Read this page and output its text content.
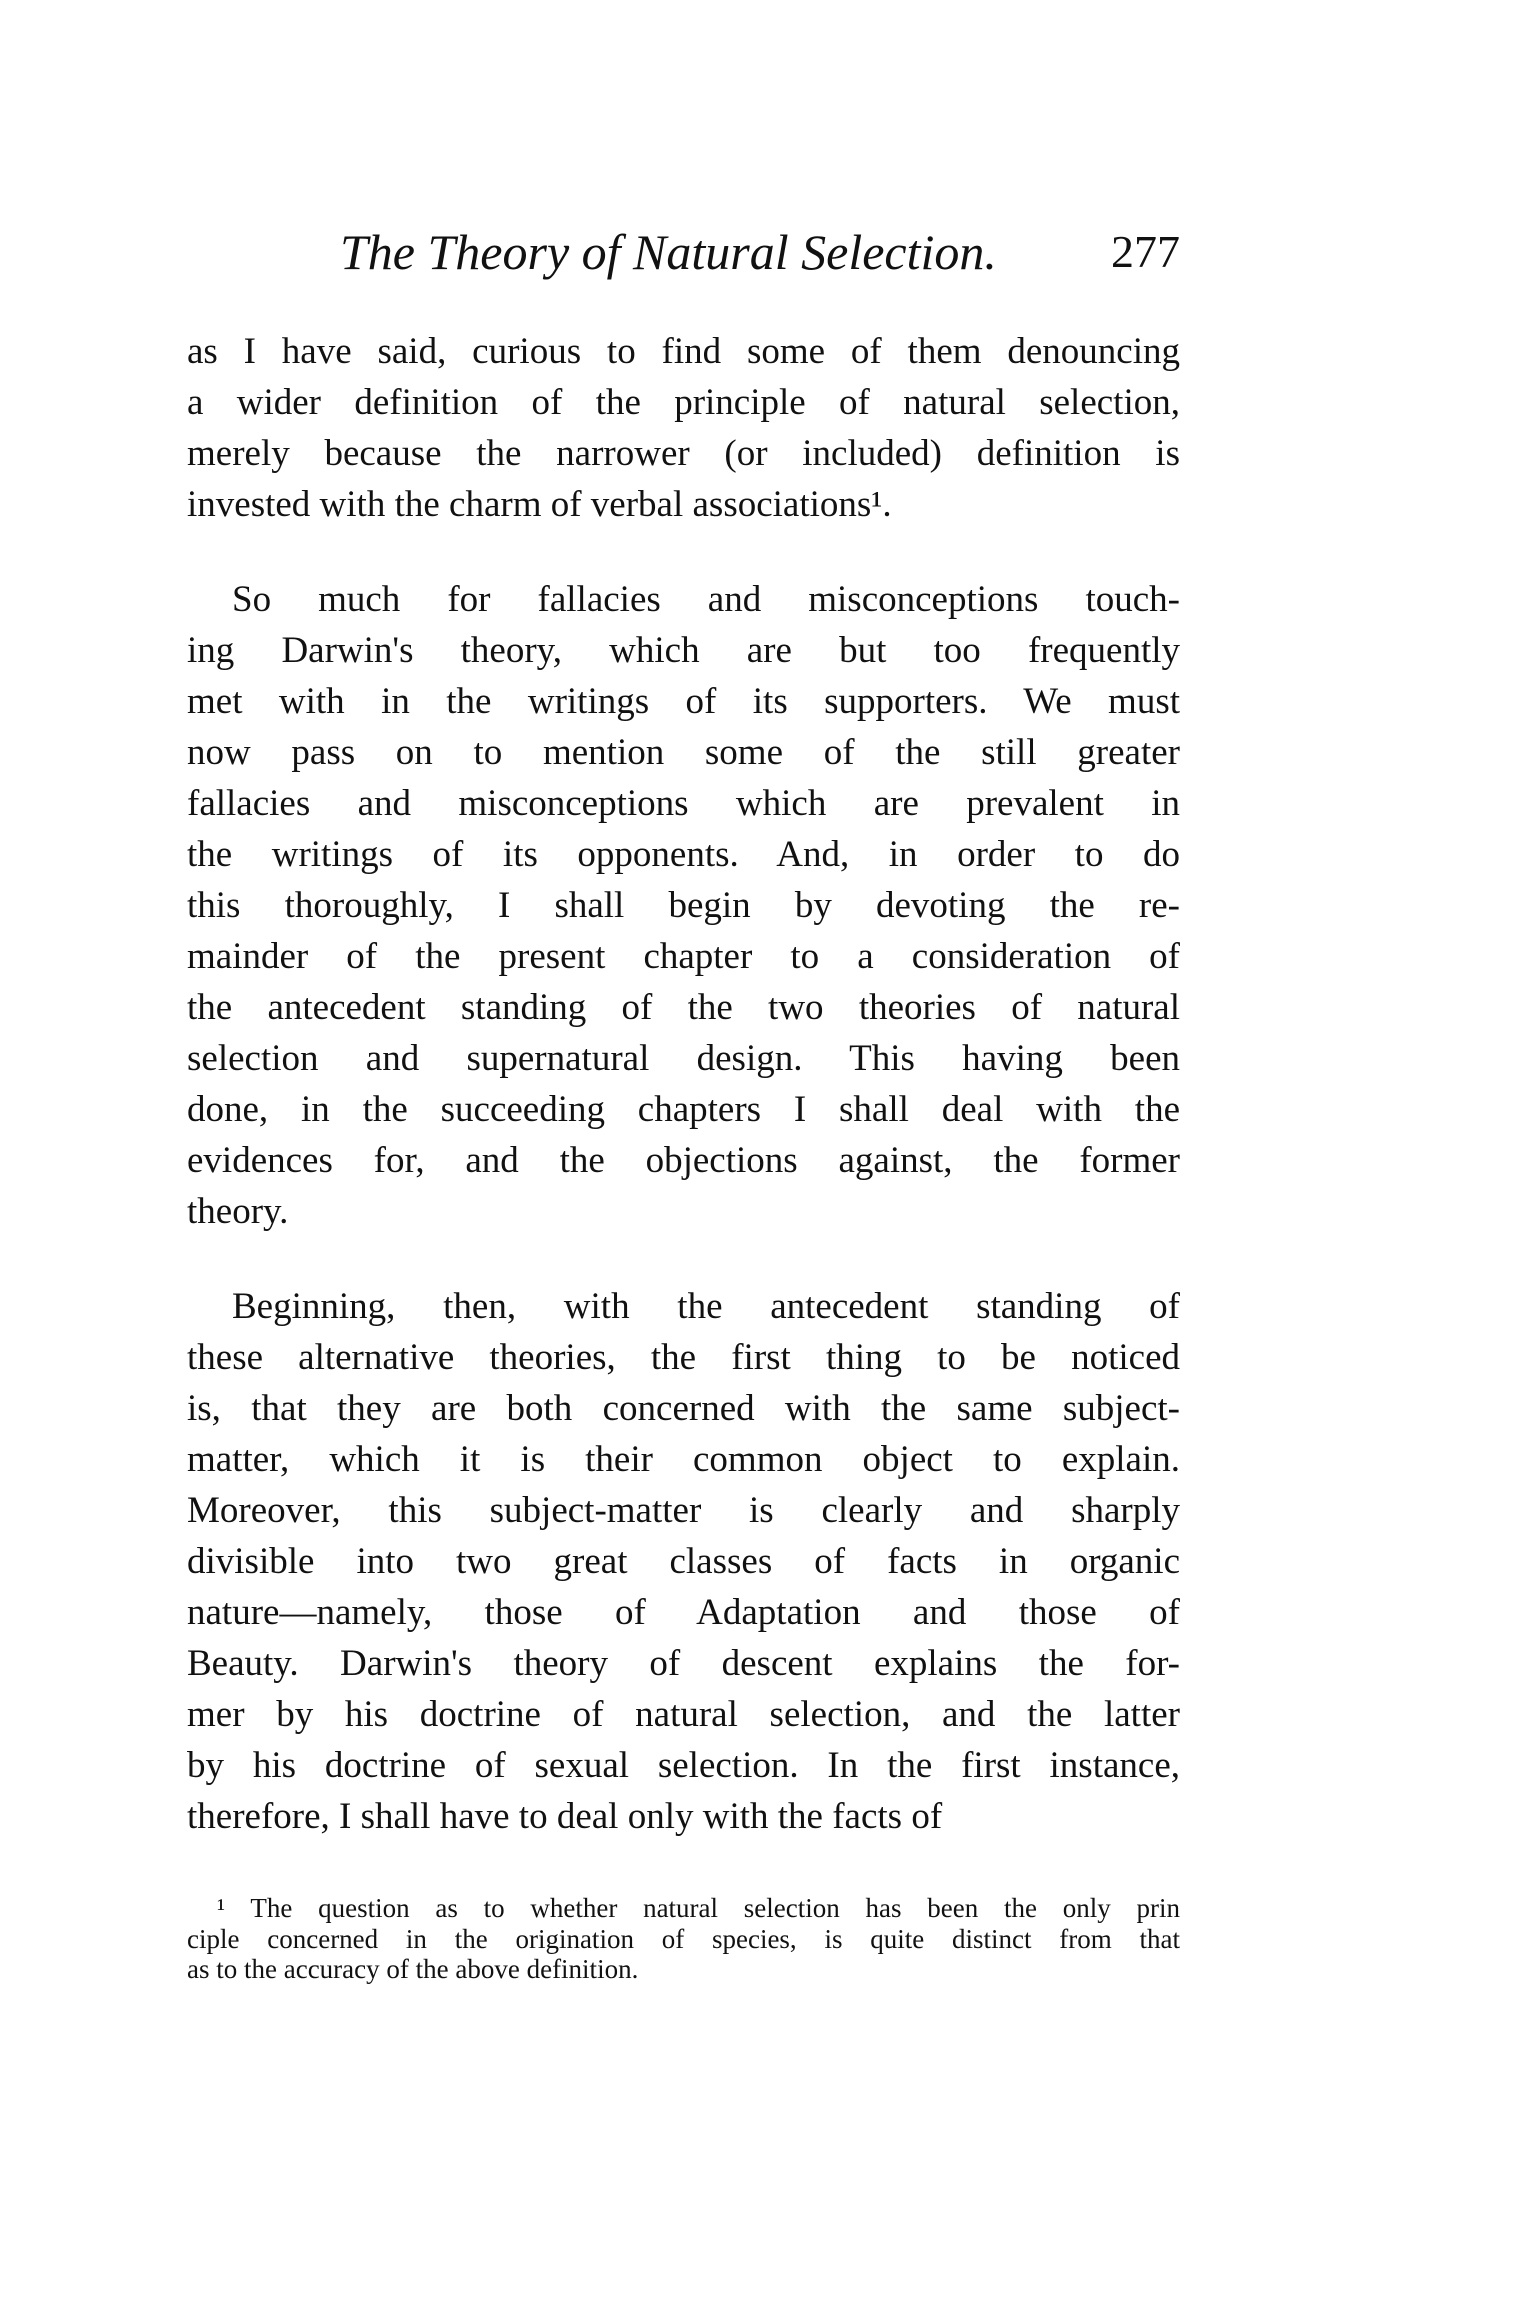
The Theory of Natural Selection. 277
as I have said, curious to find some of them denouncing
a wider definition of the principle of natural selection,
merely because the narrower (or included) definition is
invested with the charm of verbal associations¹.
So much for fallacies and misconceptions touch-
ing Darwin's theory, which are but too frequently
met with in the writings of its supporters. We must
now pass on to mention some of the still greater
fallacies and misconceptions which are prevalent in
the writings of its opponents. And, in order to do
this thoroughly, I shall begin by devoting the re-
mainder of the present chapter to a consideration of
the antecedent standing of the two theories of natural
selection and supernatural design. This having been
done, in the succeeding chapters I shall deal with the
evidences for, and the objections against, the former
theory.
Beginning, then, with the antecedent standing of
these alternative theories, the first thing to be noticed
is, that they are both concerned with the same subject-
matter, which it is their common object to explain.
Moreover, this subject-matter is clearly and sharply
divisible into two great classes of facts in organic
nature—namely, those of Adaptation and those of
Beauty. Darwin's theory of descent explains the for-
mer by his doctrine of natural selection, and the latter
by his doctrine of sexual selection. In the first instance,
therefore, I shall have to deal only with the facts of
¹ The question as to whether natural selection has been the only prin
ciple concerned in the origination of species, is quite distinct from that
as to the accuracy of the above definition.
